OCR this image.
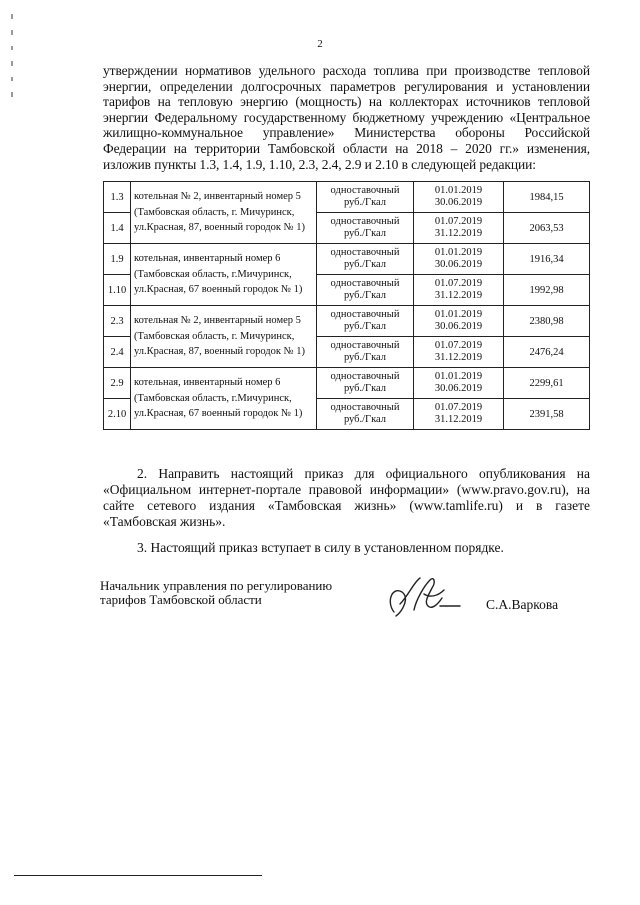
2
утверждении нормативов удельного расхода топлива при производстве тепловой энергии, определении долгосрочных параметров регулирования и установлении тарифов на тепловую энергию (мощность) на коллекторах источников тепловой энергии Федеральному государственному бюджетному учреждению «Центральное жилищно-коммунальное управление» Министерства обороны Российской Федерации на территории Тамбовской области на 2018 – 2020 гг.» изменения, изложив пункты 1.3, 1.4, 1.9, 1.10, 2.3, 2.4, 2.9 и 2.10 в следующей редакции:
1.3	котельная № 2, инвентарный номер 5 (Тамбовская область, г. Мичуринск, ул.Красная, 87, военный городок № 1)	одноставочный руб./Гкал	01.01.2019
30.06.2019	1984,15
1.4		одноставочный руб./Гкал	01.07.2019
31.12.2019	2063,53
1.9	котельная, инвентарный номер 6 (Тамбовская область, г.Мичуринск, ул.Красная, 67 военный городок № 1)	одноставочный руб./Гкал	01.01.2019
30.06.2019	1916,34
1.10		одноставочный руб./Гкал	01.07.2019
31.12.2019	1992,98
2.3	котельная № 2, инвентарный номер 5 (Тамбовская область, г. Мичуринск, ул.Красная, 87, военный городок № 1)	одноставочный руб./Гкал	01.01.2019
30.06.2019	2380,98
2.4		одноставочный руб./Гкал	01.07.2019
31.12.2019	2476,24
2.9	котельная, инвентарный номер 6 (Тамбовская область, г.Мичуринск, ул.Красная, 67 военный городок № 1)	одноставочный руб./Гкал	01.01.2019
30.06.2019	2299,61
2.10		одноставочный руб./Гкал	01.07.2019
31.12.2019	2391,58
2. Направить настоящий приказ для официального опубликования на «Официальном интернет-портале правовой информации» (www.pravo.gov.ru), на сайте сетевого издания «Тамбовская жизнь» (www.tamlife.ru) и в газете «Тамбовская жизнь».
3. Настоящий приказ вступает в силу в установленном порядке.
Начальник управления по регулированию тарифов Тамбовской области	С.А.Варкова
